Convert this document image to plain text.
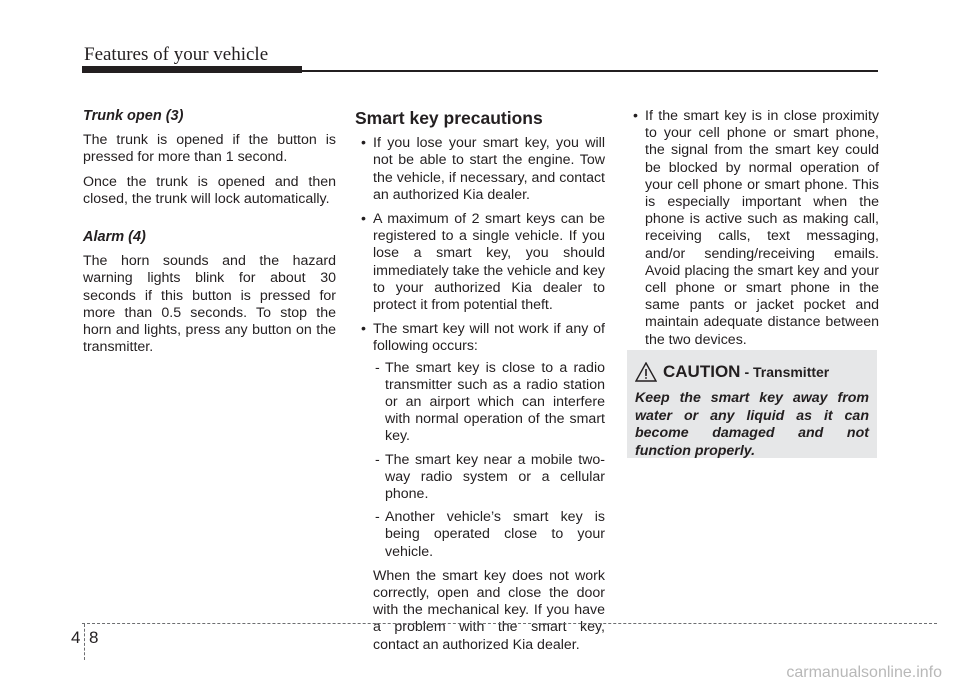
Features of your vehicle
Trunk open (3)
The trunk is opened if the button is pressed for more than 1 second.
Once the trunk is opened and then closed, the trunk will lock automatically.
Alarm (4)
The horn sounds and the hazard warning lights blink for about 30 seconds if this button is pressed for more than 0.5 seconds. To stop the horn and lights, press any button on the transmitter.
Smart key precautions
• If you lose your smart key, you will not be able to start the engine. Tow the vehicle, if necessary, and contact an authorized Kia dealer.
• A maximum of 2 smart keys can be registered to a single vehicle. If you lose a smart key, you should immediately take the vehicle and key to your authorized Kia dealer to protect it from potential theft.
• The smart key will not work if any of following occurs:
- The smart key is close to a radio transmitter such as a radio station or an airport which can interfere with normal operation of the smart key.
- The smart key near a mobile two-way radio system or a cellular phone.
- Another vehicle’s smart key is being operated close to your vehicle.
When the smart key does not work correctly, open and close the door with the mechanical key. If you have a problem with the smart key, contact an authorized Kia dealer.
• If the smart key is in close proximity to your cell phone or smart phone, the signal from the smart key could be blocked by normal operation of your cell phone or smart phone. This is especially important when the phone is active such as making call, receiving calls, text messaging, and/or sending/receiving emails. Avoid placing the smart key and your cell phone or smart phone in the same pants or jacket pocket and maintain adequate distance between the two devices.
CAUTION - Transmitter
Keep the smart key away from water or any liquid as it can become damaged and not function properly.
4 8
carmanualsonline.info
